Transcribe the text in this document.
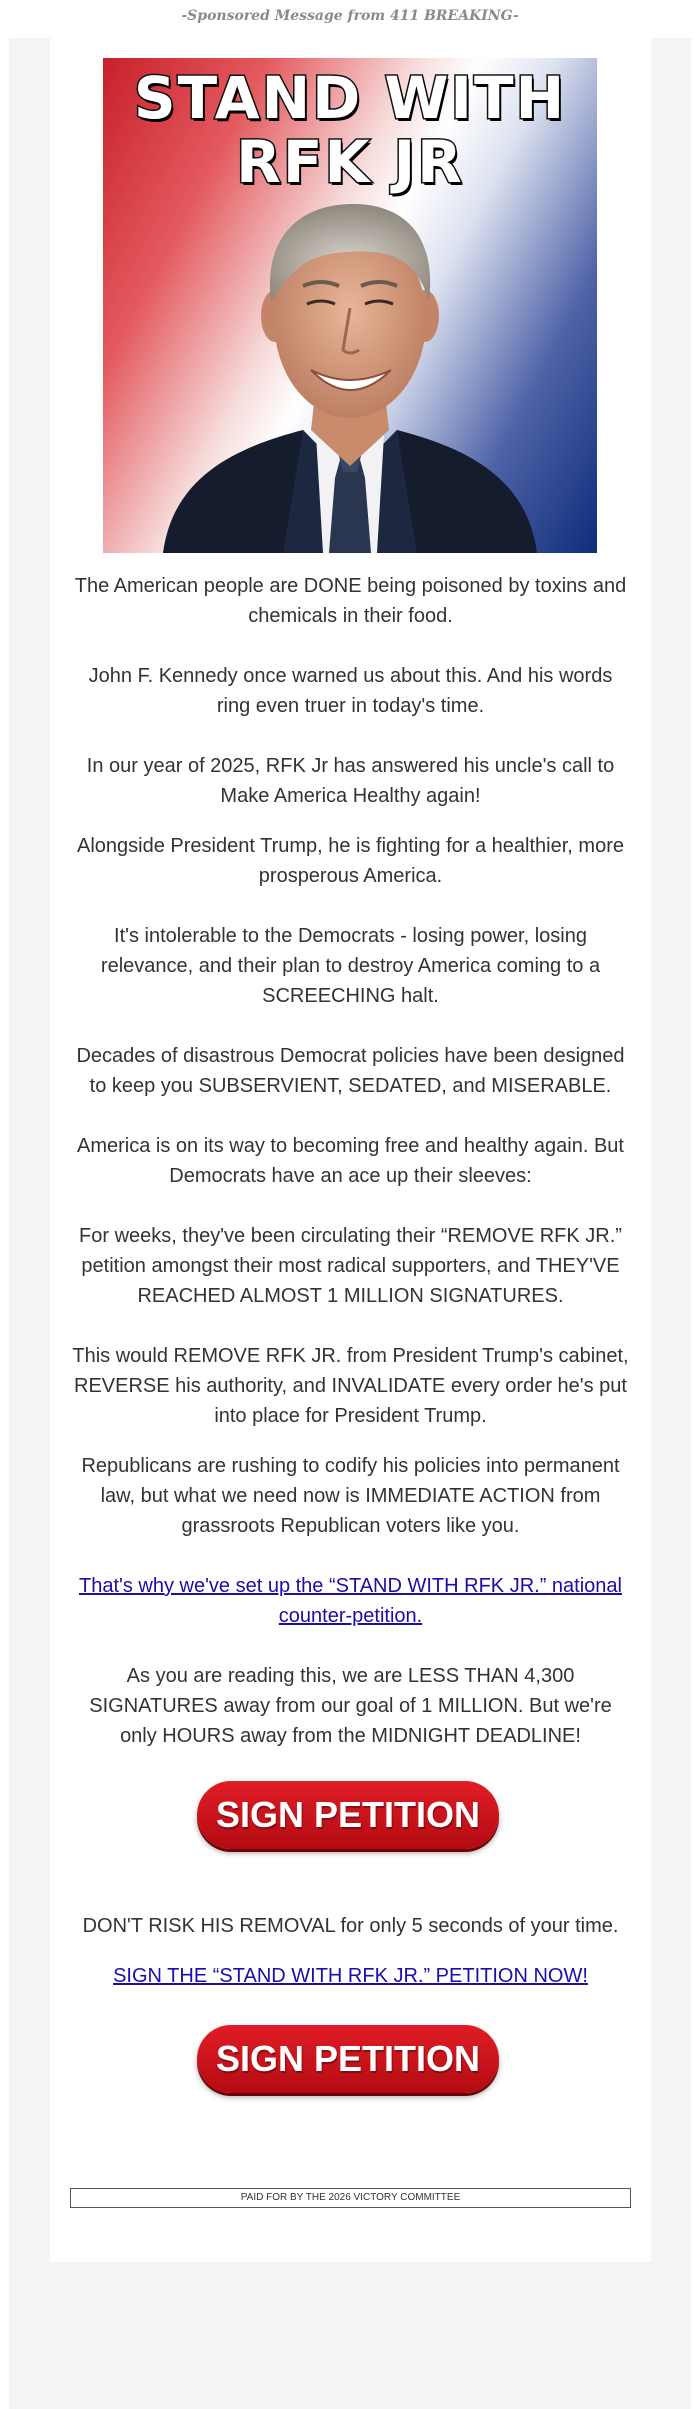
-Sponsored Message from 411 BREAKING-
STAND WITH
RFK JR
The American people are DONE being poisoned by toxins and chemicals in their food.
John F. Kennedy once warned us about this. And his words ring even truer in today's time.
In our year of 2025, RFK Jr has answered his uncle's call to Make America Healthy again!
Alongside President Trump, he is fighting for a healthier, more prosperous America.
It's intolerable to the Democrats - losing power, losing relevance, and their plan to destroy America coming to a SCREECHING halt.
Decades of disastrous Democrat policies have been designed to keep you SUBSERVIENT, SEDATED, and MISERABLE.
America is on its way to becoming free and healthy again. But Democrats have an ace up their sleeves:
For weeks, they've been circulating their “REMOVE RFK JR.” petition amongst their most radical supporters, and THEY'VE REACHED ALMOST 1 MILLION SIGNATURES.
This would REMOVE RFK JR. from President Trump's cabinet, REVERSE his authority, and INVALIDATE every order he's put into place for President Trump.
Republicans are rushing to codify his policies into permanent law, but what we need now is IMMEDIATE ACTION from grassroots Republican voters like you.
That's why we've set up the “STAND WITH RFK JR.” national counter-petition.
As you are reading this, we are LESS THAN 4,300 SIGNATURES away from our goal of 1 MILLION. But we're only HOURS away from the MIDNIGHT DEADLINE!
SIGN PETITION
DON'T RISK HIS REMOVAL for only 5 seconds of your time.
SIGN THE “STAND WITH RFK JR.” PETITION NOW!
SIGN PETITION
PAID FOR BY THE 2026 VICTORY COMMITTEE
